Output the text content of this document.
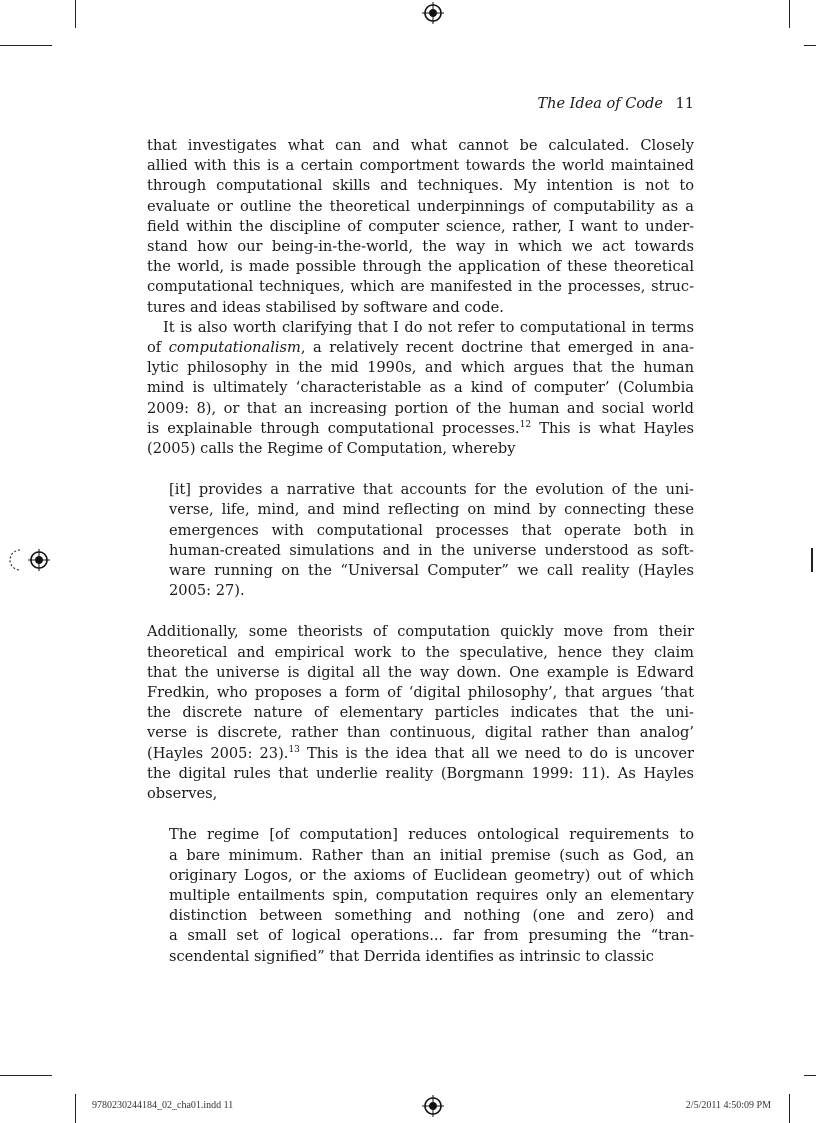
The Idea of Code 11

that investigates what can and what cannot be calculated. Closely
allied with this is a certain comportment towards the world maintained
through computational skills and techniques. My intention is not to
evaluate or outline the theoretical underpinnings of computability as a
field within the discipline of computer science, rather, I want to under-
stand how our being-in-the-world, the way in which we act towards
the world, is made possible through the application of these theoretical
computational techniques, which are manifested in the processes, struc-
tures and ideas stabilised by software and code.

It is also worth clarifying that I do not refer to computational in terms
of computationalism, a relatively recent doctrine that emerged in ana-
lytic philosophy in the mid 1990s, and which argues that the human
mind is ultimately ‘characteristable as a kind of computer’ (Columbia
2009: 8), or that an increasing portion of the human and social world
is explainable through computational processes.$^{12}$ This is what Hayles
(2005) calls the Regime of Computation, whereby

[it] provides a narrative that accounts for the evolution of the uni-
verse, life, mind, and mind reflecting on mind by connecting these
emergences with computational processes that operate both in
human-created simulations and in the universe understood as soft-
ware running on the “Universal Computer” we call reality (Hayles
2005: 27).

Additionally, some theorists of computation quickly move from their
theoretical and empirical work to the speculative, hence they claim
that the universe is digital all the way down. One example is Edward
Fredkin, who proposes a form of ‘digital philosophy’, that argues ‘that
the discrete nature of elementary particles indicates that the uni-
verse is discrete, rather than continuous, digital rather than analog’
(Hayles 2005: 23).$^{13}$ This is the idea that all we need to do is uncover
the digital rules that underlie reality (Borgmann 1999: 11). As Hayles
observes,

The regime [of computation] reduces ontological requirements to
a bare minimum. Rather than an initial premise (such as God, an
originary Logos, or the axioms of Euclidean geometry) out of which
multiple entailments spin, computation requires only an elementary
distinction between something and nothing (one and zero) and
a small set of logical operations... far from presuming the “tran-
scendental signified” that Derrida identifies as intrinsic to classic

9780230244184_02_cha01.indd 11	2/5/2011 4:50:09 PM
